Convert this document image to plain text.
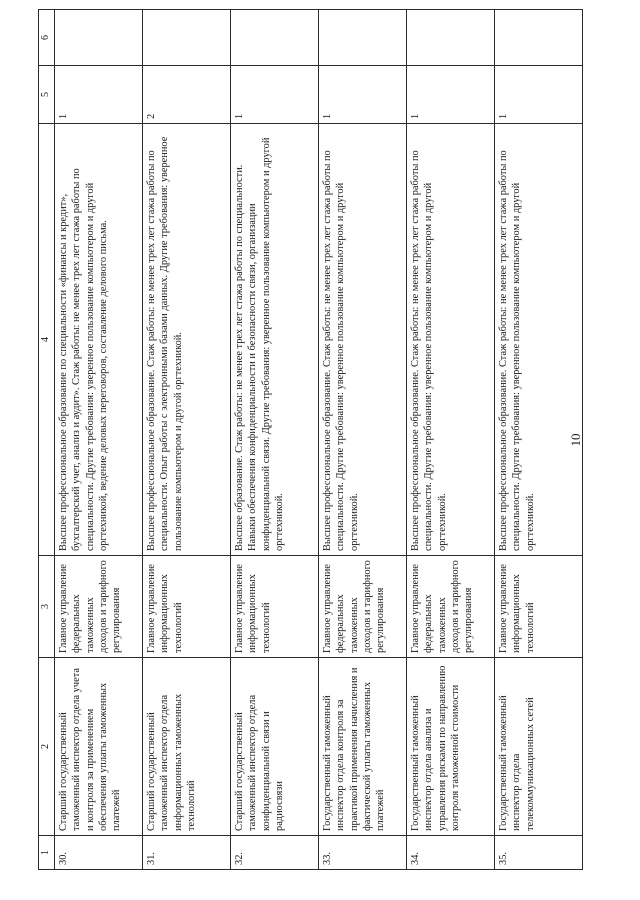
1	2	3	4	5	6
30.	Старший государственный таможенный инспектор отдела учета и контроля за применением обеспечения уплаты таможенных платежей	Главное управление федеральных таможенных доходов и тарифного регулирования	Высшее профессиональное образование по специальности «финансы и кредит», бухгалтерский учет, анализ и аудит». Стаж работы: не менее трех лет стажа работы по специальности. Другие требования: уверенное пользование компьютером и другой оргтехникой, ведение деловых переговоров, составление делового письма.	1	
31.	Старший государственный таможенный инспектор отдела информационных таможенных технологий	Главное управление информационных технологий	Высшее профессиональное образование. Стаж работы: не менее трех лет стажа работы по специальности. Опыт работы с электронными базами данных. Другие требования: уверенное пользование компьютером и другой оргтехникой.	2	
32.	Старший государственный таможенный инспектор отдела конфиденциальной связи и радиосвязи	Главное управление информационных технологий	Высшее образование. Стаж работы: не менее трех лет стажа работы по специальности. Навыки обеспечения конфиденциальности и безопасности связи, организации конфиденциальной связи. Другие требования: уверенное пользование компьютером и другой оргтехникой.	1	
33.	Государственный таможенный инспектор отдела контроля за практикой применения начисления и фактической уплаты таможенных платежей	Главное управление федеральных таможенных доходов и тарифного регулирования	Высшее профессиональное образование. Стаж работы: не менее трех лет стажа работы по специальности. Другие требования: уверенное пользование компьютером и другой оргтехникой.	1	
34.	Государственный таможенный инспектор отдела анализа и управления рисками по направлению контроля таможенной стоимости	Главное управление федеральных таможенных доходов и тарифного регулирования	Высшее профессиональное образование. Стаж работы: не менее трех лет стажа работы по специальности. Другие требования: уверенное пользование компьютером и другой оргтехникой.	1	
35.	Государственный таможенный инспектор отдела телекоммуникационных сетей	Главное управление информационных технологий	Высшее профессиональное образование. Стаж работы: не менее трех лет стажа работы по специальности. Другие требования: уверенное пользование компьютером и другой оргтехникой.	1	
10
